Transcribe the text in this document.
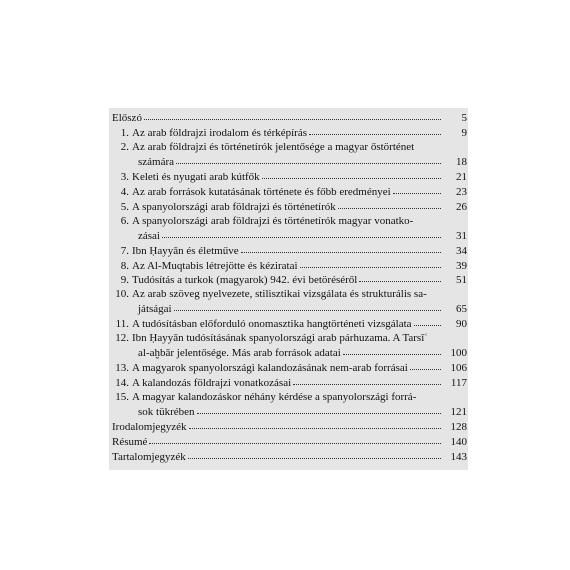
Előszó	5
1. Az arab földrajzi irodalom és térképírás	9
2. Az arab földrajzi és történetírók jelentősége a magyar őstörténet
számára	18
3. Keleti és nyugati arab kútfők	21
4. Az arab források kutatásának története és főbb eredményei	23
5. A spanyolországi arab földrajzi és történetírók	26
6. A spanyolországi arab földrajzi és történetírók magyar vonatko-
zásai	31
7. Ibn Ḥayyān és életműve	34
8. Az Al-Muqtabis létrejötte és kéziratai	39
9. Tudósítás a turkok (magyarok) 942. évi betöréséről	51
10. Az arab szöveg nyelvezete, stilisztikai vizsgálata és strukturális sa-
játságai	65
11. A tudósításban előforduló onomasztika hangtörténeti vizsgálata	90
12. Ibn Ḥayyān tudósításának spanyolországi arab párhuzama. A Tarsīʿ
al-aḫbār jelentősége. Más arab források adatai	100
13. A magyarok spanyolországi kalandozásának nem-arab forrásai	106
14. A kalandozás földrajzi vonatkozásai	117
15. A magyar kalandozáskor néhány kérdése a spanyolországi forrá-
sok tükrében	121
Irodalomjegyzék	128
Résumé	140
Tartalomjegyzék	143
